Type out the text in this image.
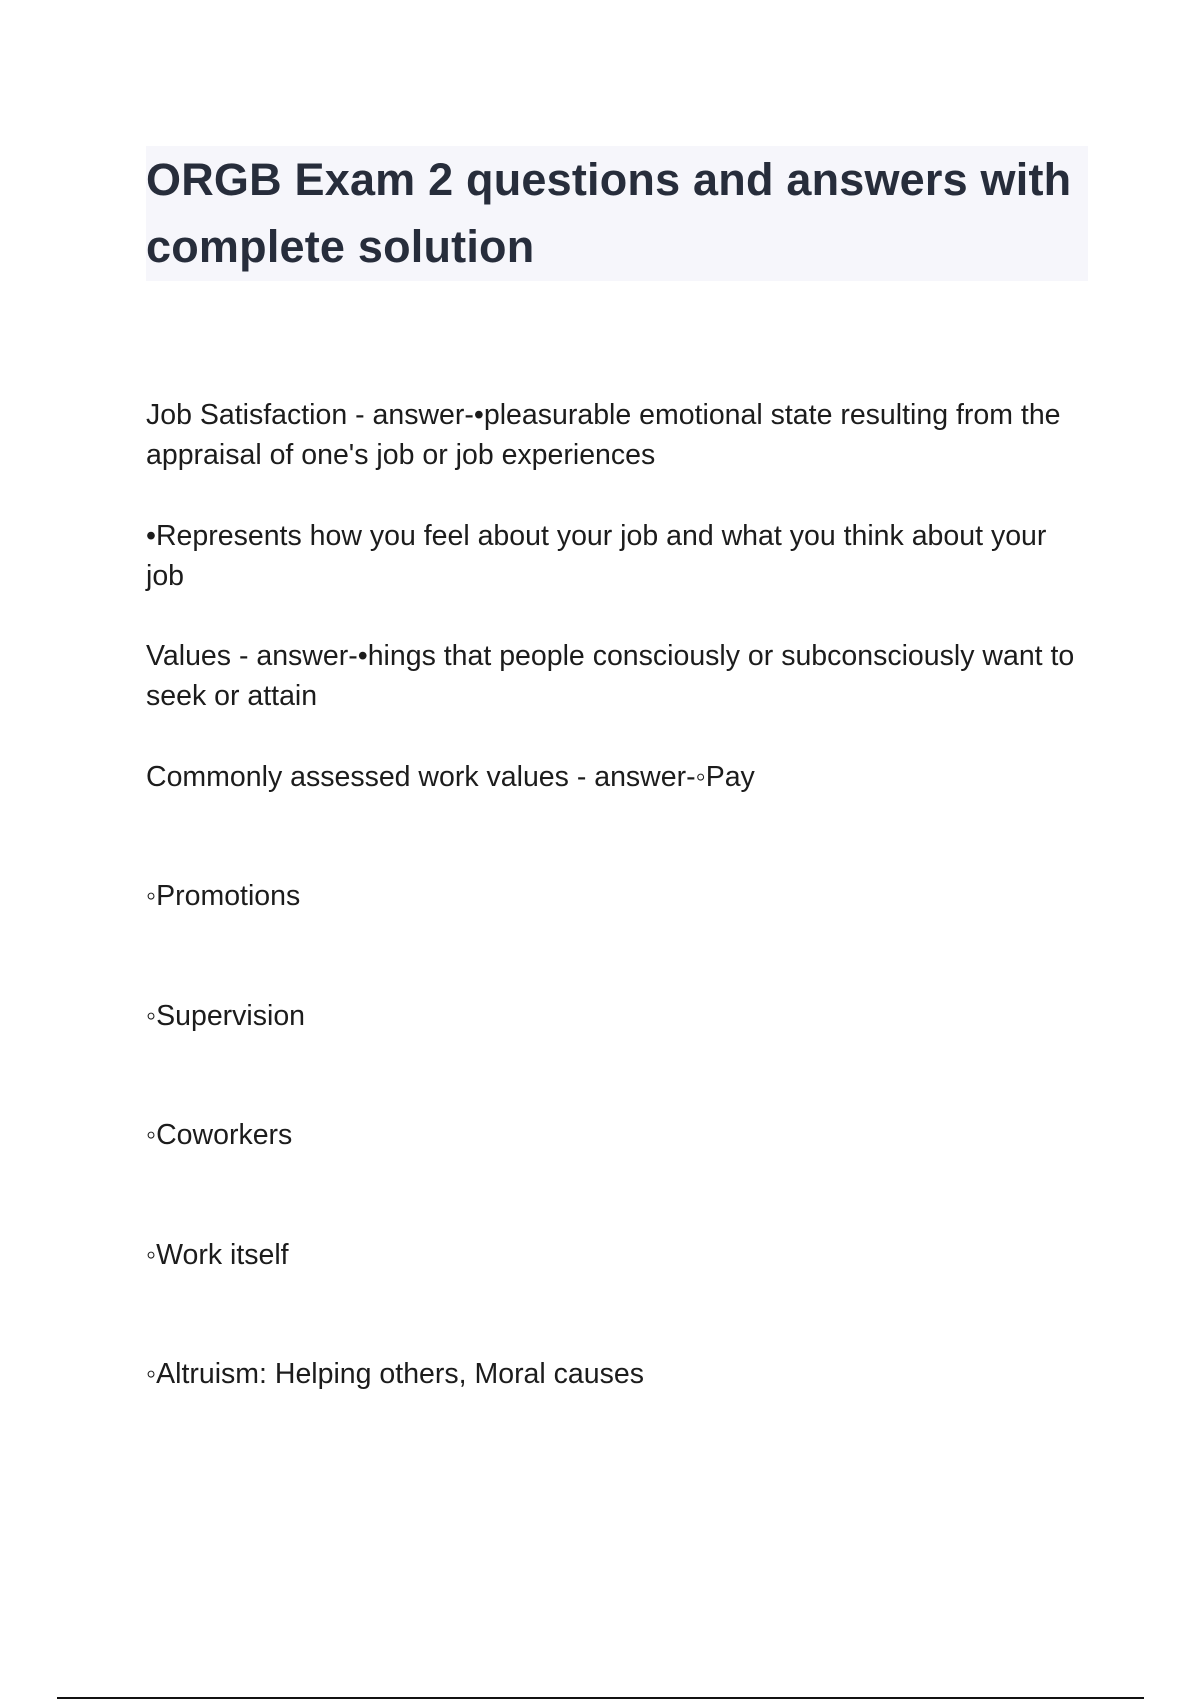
ORGB Exam 2 questions and answers with complete solution

Job Satisfaction - answer-•pleasurable emotional state resulting from the appraisal of one's job or job experiences

•Represents how you feel about your job and what you think about your job

Values - answer-•hings that people consciously or subconsciously want to seek or attain

Commonly assessed work values - answer-◦Pay

◦Promotions

◦Supervision

◦Coworkers

◦Work itself

◦Altruism: Helping others, Moral causes
